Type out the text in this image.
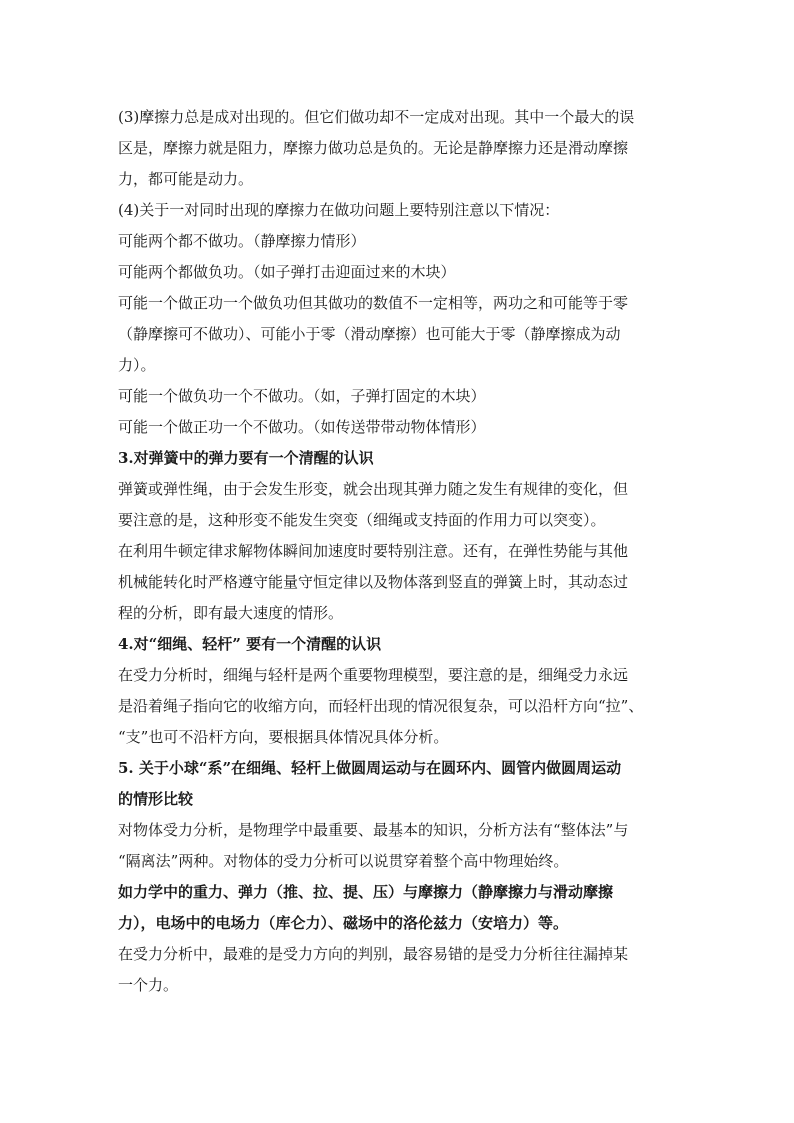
(3)摩擦力总是成对出现的。但它们做功却不一定成对出现。其中一个最大的误
区是，摩擦力就是阻力，摩擦力做功总是负的。无论是静摩擦力还是滑动摩擦
力，都可能是动力。
(4)关于一对同时出现的摩擦力在做功问题上要特别注意以下情况：
可能两个都不做功。（静摩擦力情形）
可能两个都做负功。（如子弹打击迎面过来的木块）
可能一个做正功一个做负功但其做功的数值不一定相等，两功之和可能等于零
（静摩擦可不做功）、可能小于零（滑动摩擦）也可能大于零（静摩擦成为动
力）。
可能一个做负功一个不做功。（如，子弹打固定的木块）
可能一个做正功一个不做功。（如传送带带动物体情形）
3.对弹簧中的弹力要有一个清醒的认识
弹簧或弹性绳，由于会发生形变，就会出现其弹力随之发生有规律的变化，但
要注意的是，这种形变不能发生突变（细绳或支持面的作用力可以突变）。
在利用牛顿定律求解物体瞬间加速度时要特别注意。还有，在弹性势能与其他
机械能转化时严格遵守能量守恒定律以及物体落到竖直的弹簧上时，其动态过
程的分析，即有最大速度的情形。
4.对“细绳、轻杆” 要有一个清醒的认识
在受力分析时，细绳与轻杆是两个重要物理模型，要注意的是，细绳受力永远
是沿着绳子指向它的收缩方向，而轻杆出现的情况很复杂，可以沿杆方向“拉”、
“支”也可不沿杆方向，要根据具体情况具体分析。
5. 关于小球“系”在细绳、轻杆上做圆周运动与在圆环内、圆管内做圆周运动
的情形比较
对物体受力分析，是物理学中最重要、最基本的知识，分析方法有“整体法”与
“隔离法”两种。对物体的受力分析可以说贯穿着整个高中物理始终。
如力学中的重力、弹力（推、拉、提、压）与摩擦力（静摩擦力与滑动摩擦
力），电场中的电场力（库仑力）、磁场中的洛伦兹力（安培力）等。
在受力分析中，最难的是受力方向的判别，最容易错的是受力分析往往漏掉某
一个力。
